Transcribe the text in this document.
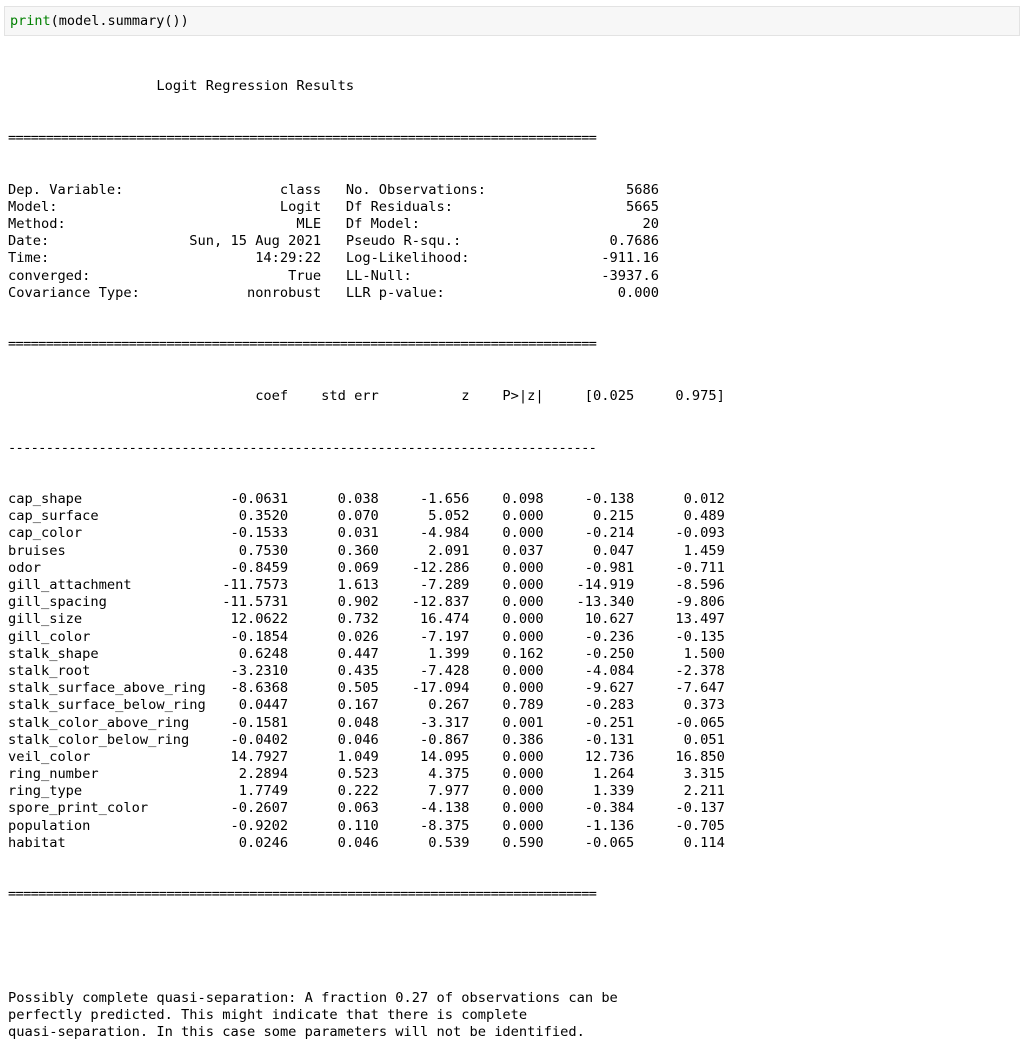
print(model.summary())

Logit Regression Results

==============================================================================

Dep. Variable:	class No. Observations:	5686
Model:	Logit Df Residuals:	5665
Method:	MLE Df Model:	20
Date:	Sun, 15 Aug 2021 Pseudo R-squ.:	0.7686
Time:	14:29:22 Log-Likelihood:	-911.16
converged:	True LL-Null:	-3937.6
Covariance Type:	nonrobust LLR p-value:	0.000

==============================================================================

coef std err	z P>|z|	[0.025	0.975]

------------------------------------------------------------------------------

cap_shape	-0.0631	0.038	-1.656 0.098	-0.138	0.012
cap_surface	0.3520	0.070	5.052 0.000	0.215	0.489
cap_color	-0.1533	0.031	-4.984 0.000	-0.214	-0.093
bruises	0.7530	0.360	2.091 0.037	0.047	1.459
odor	-0.8459	0.069 -12.286 0.000	-0.981	-0.711
gill_attachment	-11.7573	1.613	-7.289 0.000 -14.919	-8.596
gill_spacing	-11.5731	0.902 -12.837 0.000 -13.340	-9.806
gill_size	12.0622	0.732	16.474 0.000	10.627	13.497
gill_color	-0.1854	0.026	-7.197 0.000	-0.236	-0.135
stalk_shape	0.6248	0.447	1.399 0.162	-0.250	1.500
stalk_root	-3.2310	0.435	-7.428 0.000	-4.084	-2.378
stalk_surface_above_ring -8.6368	0.505 -17.094 0.000	-9.627	-7.647
stalk_surface_below_ring 0.0447	0.167	0.267 0.789	-0.283	0.373
stalk_color_above_ring	-0.1581	0.048	-3.317 0.001	-0.251	-0.065
stalk_color_below_ring	-0.0402	0.046	-0.867 0.386	-0.131	0.051
veil_color	14.7927	1.049	14.095 0.000	12.736	16.850
ring_number	2.2894	0.523	4.375 0.000	1.264	3.315
ring_type	1.7749	0.222	7.977 0.000	1.339	2.211
spore_print_color	-0.2607	0.063	-4.138 0.000	-0.384	-0.137
population	-0.9202	0.110	-8.375 0.000	-1.136	-0.705
habitat	0.0246	0.046	0.539 0.590	-0.065	0.114

==============================================================================

Possibly complete quasi-separation: A fraction 0.27 of observations can be
perfectly predicted. This might indicate that there is complete
quasi-separation. In this case some parameters will not be identified.
